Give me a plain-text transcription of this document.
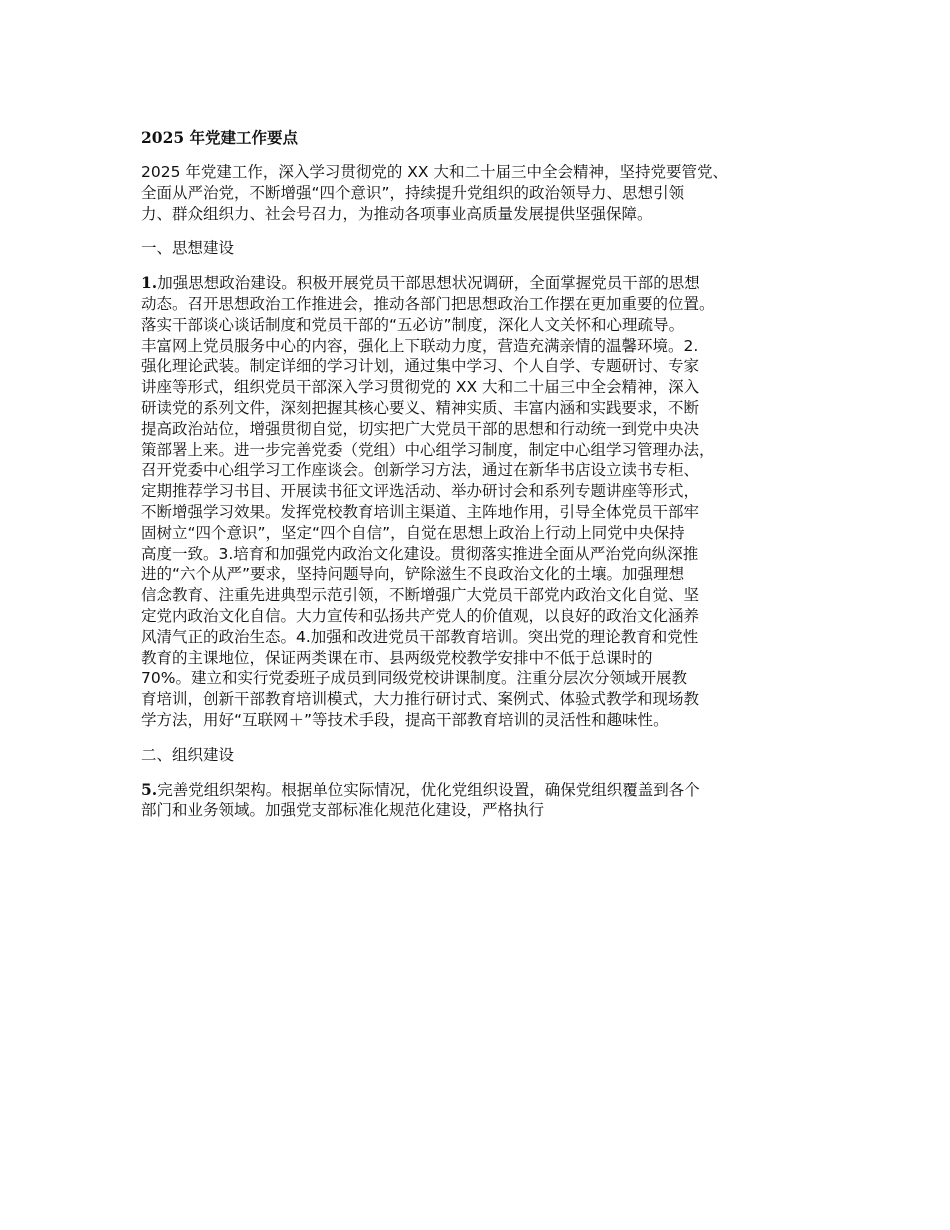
2025 年党建工作要点

2025 年党建工作，深入学习贯彻党的 XX 大和二十届三中全会精神，坚持党要管党、
全面从严治党，不断增强“四个意识”，持续提升党组织的政治领导力、思想引领
力、群众组织力、社会号召力，为推动各项事业高质量发展提供坚强保障。

一、思想建设

1.加强思想政治建设。积极开展党员干部思想状况调研，全面掌握党员干部的思想
动态。召开思想政治工作推进会，推动各部门把思想政治工作摆在更加重要的位置。
落实干部谈心谈话制度和党员干部的“五必访”制度，深化人文关怀和心理疏导。
丰富网上党员服务中心的内容，强化上下联动力度，营造充满亲情的温馨环境。2.
强化理论武装。制定详细的学习计划，通过集中学习、个人自学、专题研讨、专家
讲座等形式，组织党员干部深入学习贯彻党的 XX 大和二十届三中全会精神，深入
研读党的系列文件，深刻把握其核心要义、精神实质、丰富内涵和实践要求，不断
提高政治站位，增强贯彻自觉，切实把广大党员干部的思想和行动统一到党中央决
策部署上来。进一步完善党委（党组）中心组学习制度，制定中心组学习管理办法，
召开党委中心组学习工作座谈会。创新学习方法，通过在新华书店设立读书专柜、
定期推荐学习书目、开展读书征文评选活动、举办研讨会和系列专题讲座等形式，
不断增强学习效果。发挥党校教育培训主渠道、主阵地作用，引导全体党员干部牢
固树立“四个意识”，坚定“四个自信”，自觉在思想上政治上行动上同党中央保持
高度一致。3.培育和加强党内政治文化建设。贯彻落实推进全面从严治党向纵深推
进的“六个从严”要求，坚持问题导向，铲除滋生不良政治文化的土壤。加强理想
信念教育、注重先进典型示范引领，不断增强广大党员干部党内政治文化自觉、坚
定党内政治文化自信。大力宣传和弘扬共产党人的价值观，以良好的政治文化涵养
风清气正的政治生态。4.加强和改进党员干部教育培训。突出党的理论教育和党性
教育的主课地位，保证两类课在市、县两级党校教学安排中不低于总课时的
70%。建立和实行党委班子成员到同级党校讲课制度。注重分层次分领域开展教
育培训，创新干部教育培训模式，大力推行研讨式、案例式、体验式教学和现场教
学方法，用好“互联网＋”等技术手段，提高干部教育培训的灵活性和趣味性。

二、组织建设

5.完善党组织架构。根据单位实际情况，优化党组织设置，确保党组织覆盖到各个
部门和业务领域。加强党支部标准化规范化建设，严格执行
